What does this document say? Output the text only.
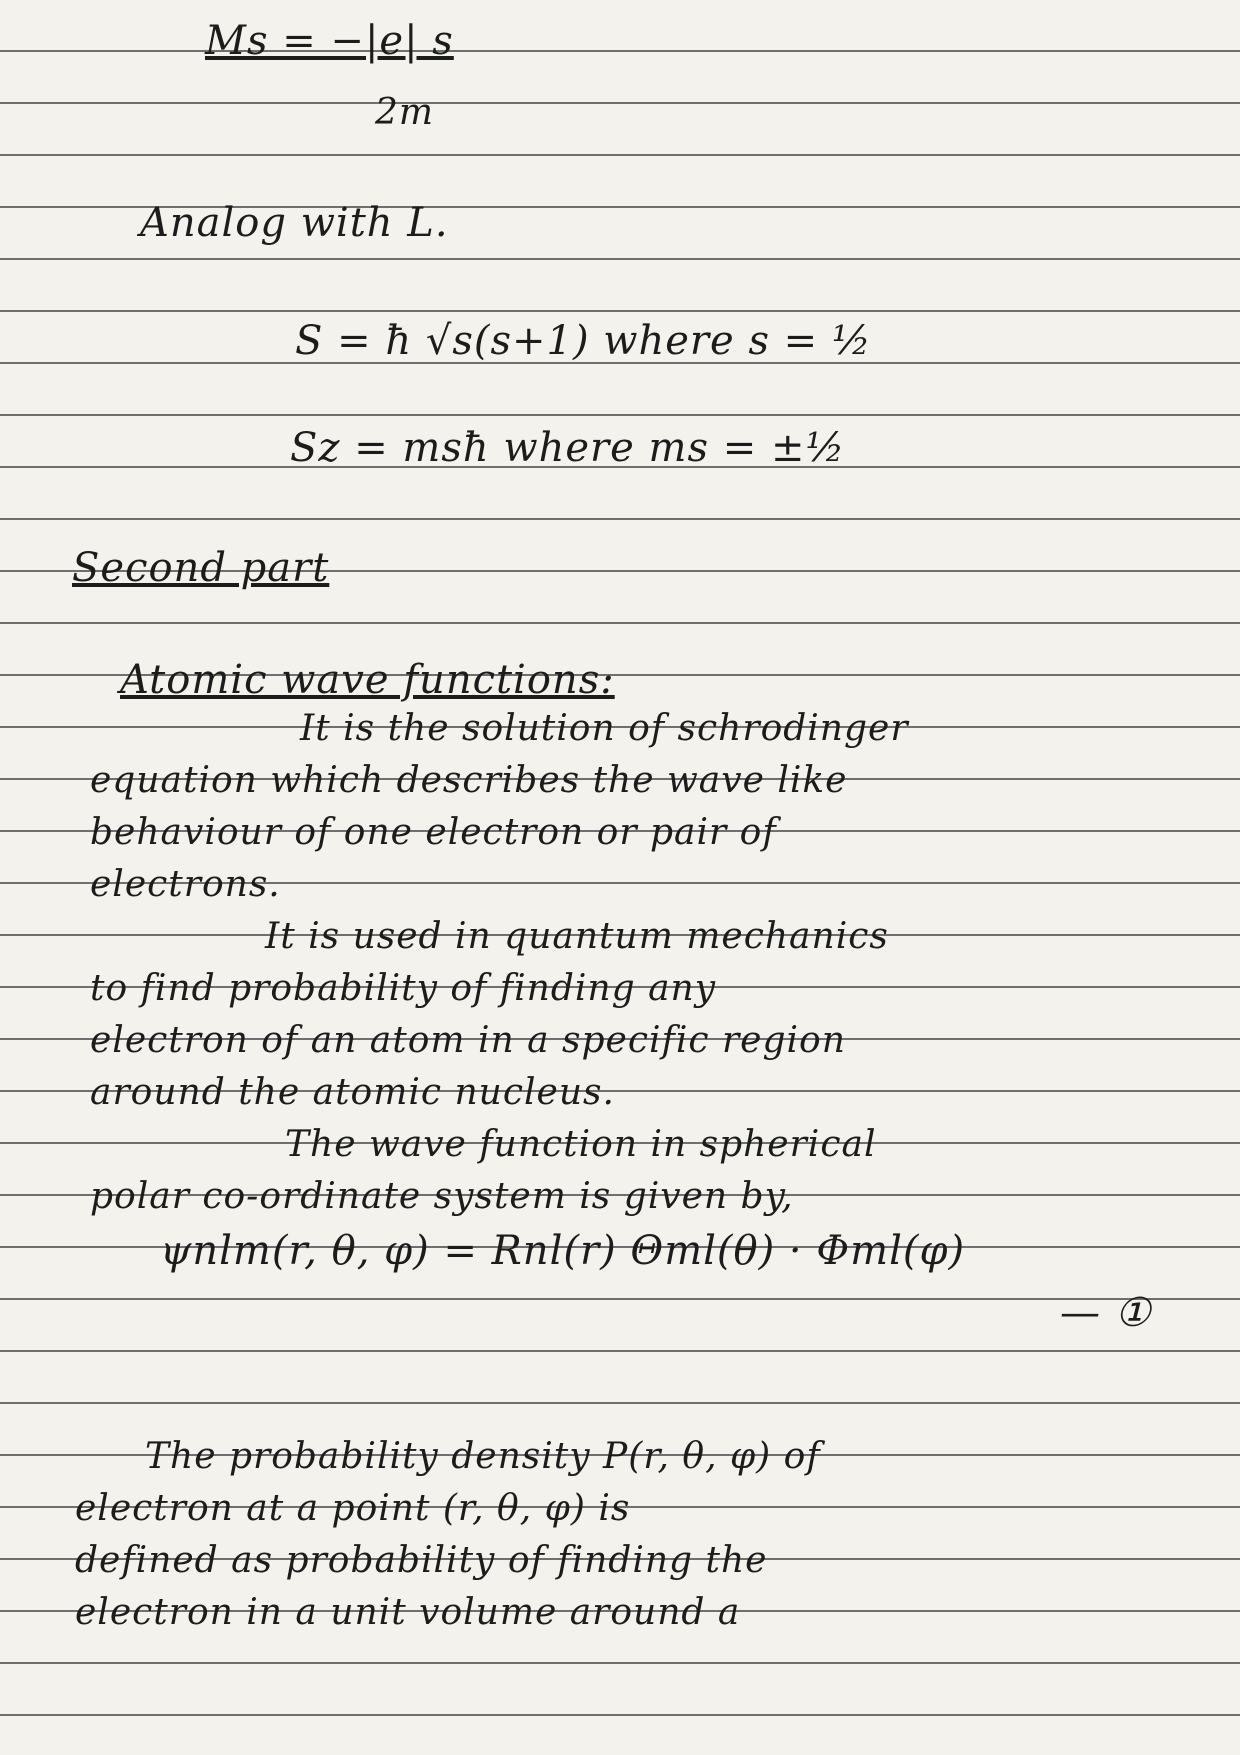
Ms = −|e| s
2m
Analog with L.
S = ħ √s(s+1) where s = ½
Sz = msħ where ms = ±½
Second part
Atomic wave functions:
It is the solution of schrodinger
equation which describes the wave like
behaviour of one electron or pair of
electrons.
It is used in quantum mechanics
to find probability of finding any
electron of an atom in a specific region
around the atomic nucleus.
The wave function in spherical
polar co-ordinate system is given by,
ψnlm(r, θ, φ) = Rnl(r) Θml(θ) · Φml(φ)
— ①
The probability density P(r, θ, φ) of
electron at a point (r, θ, φ) is
defined as probability of finding the
electron in a unit volume around a
